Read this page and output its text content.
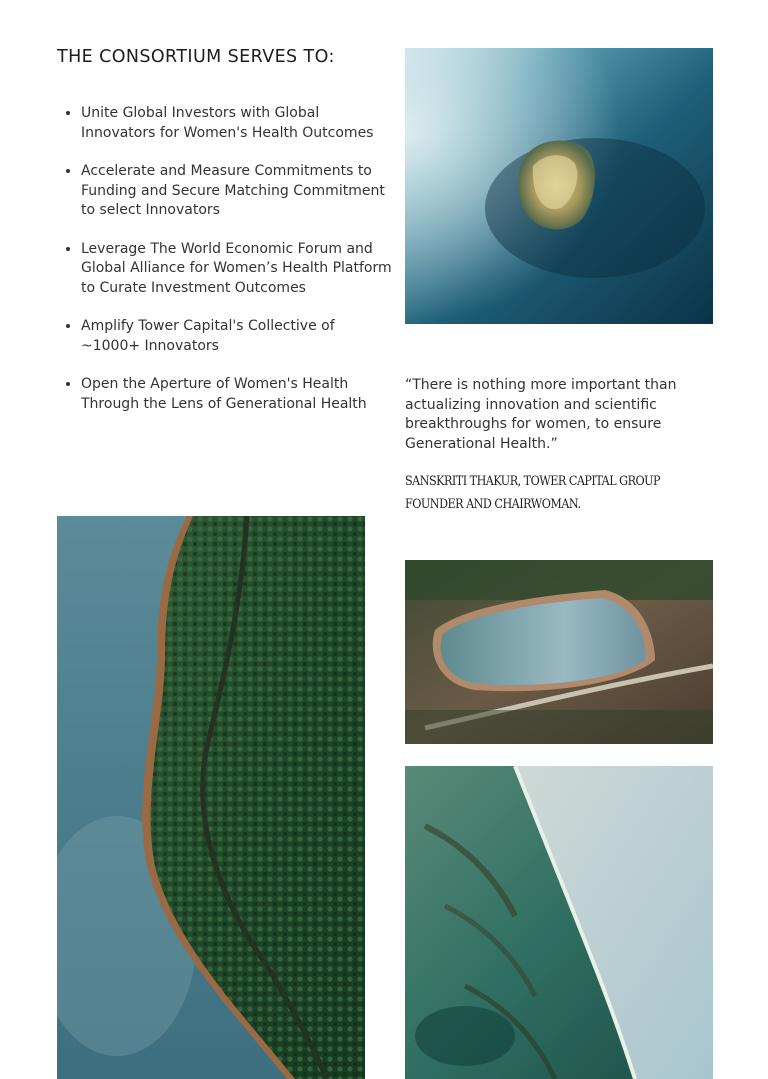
THE CONSORTIUM SERVES TO:
• Unite Global Investors with Global Innovators for Women's Health Outcomes
• Accelerate and Measure Commitments to Funding and Secure Matching Commitment to select Innovators
• Leverage The World Economic Forum and Global Alliance for Women’s Health Platform to Curate Investment Outcomes
• Amplify Tower Capital's Collective of ~1000+ Innovators
• Open the Aperture of Women's Health Through the Lens of Generational Health

“There is nothing more important than actualizing innovation and scientific breakthroughs for women, to ensure Generational Health.”

SANSKRITI THAKUR, TOWER CAPITAL GROUP
FOUNDER AND CHAIRWOMAN.
